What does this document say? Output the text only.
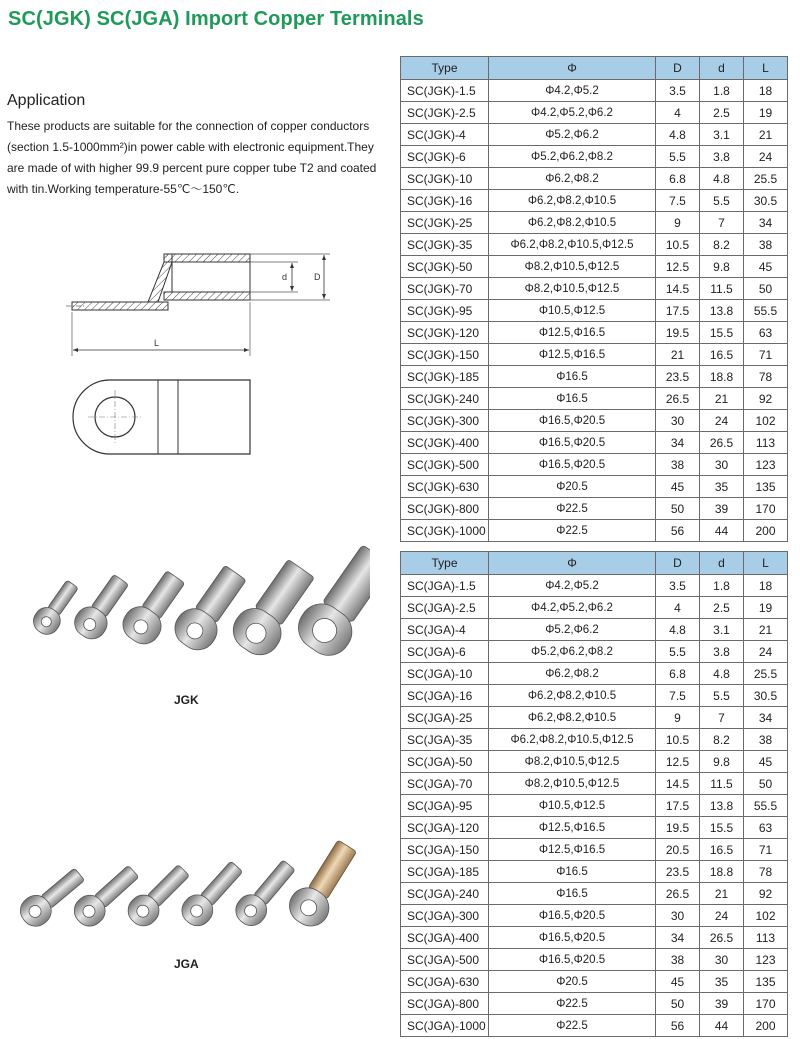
SC(JGK) SC(JGA) Import Copper Terminals
Application
These products are suitable for the connection of copper conductors (section 1.5-1000mm²)in power cable with electronic equipment.They are made of with higher 99.9 percent pure copper tube T2 and coated with tin.Working temperature-55℃～150℃.
d	D
L
JGK
JGA
Type	Φ	D	d	L
SC(JGK)-1.5	Φ4.2,Φ5.2	3.5	1.8	18
SC(JGK)-2.5	Φ4.2,Φ5.2,Φ6.2	4	2.5	19
SC(JGK)-4	Φ5.2,Φ6.2	4.8	3.1	21
SC(JGK)-6	Φ5.2,Φ6.2,Φ8.2	5.5	3.8	24
SC(JGK)-10	Φ6.2,Φ8.2	6.8	4.8	25.5
SC(JGK)-16	Φ6.2,Φ8.2,Φ10.5	7.5	5.5	30.5
SC(JGK)-25	Φ6.2,Φ8.2,Φ10.5	9	7	34
SC(JGK)-35	Φ6.2,Φ8.2,Φ10.5,Φ12.5	10.5	8.2	38
SC(JGK)-50	Φ8.2,Φ10.5,Φ12.5	12.5	9.8	45
SC(JGK)-70	Φ8.2,Φ10.5,Φ12.5	14.5	11.5	50
SC(JGK)-95	Φ10.5,Φ12.5	17.5	13.8	55.5
SC(JGK)-120	Φ12.5,Φ16.5	19.5	15.5	63
SC(JGK)-150	Φ12.5,Φ16.5	21	16.5	71
SC(JGK)-185	Φ16.5	23.5	18.8	78
SC(JGK)-240	Φ16.5	26.5	21	92
SC(JGK)-300	Φ16.5,Φ20.5	30	24	102
SC(JGK)-400	Φ16.5,Φ20.5	34	26.5	113
SC(JGK)-500	Φ16.5,Φ20.5	38	30	123
SC(JGK)-630	Φ20.5	45	35	135
SC(JGK)-800	Φ22.5	50	39	170
SC(JGK)-1000	Φ22.5	56	44	200
Type	Φ	D	d	L
SC(JGA)-1.5	Φ4.2,Φ5.2	3.5	1.8	18
SC(JGA)-2.5	Φ4.2,Φ5.2,Φ6.2	4	2.5	19
SC(JGA)-4	Φ5.2,Φ6.2	4.8	3.1	21
SC(JGA)-6	Φ5.2,Φ6.2,Φ8.2	5.5	3.8	24
SC(JGA)-10	Φ6.2,Φ8.2	6.8	4.8	25.5
SC(JGA)-16	Φ6.2,Φ8.2,Φ10.5	7.5	5.5	30.5
SC(JGA)-25	Φ6.2,Φ8.2,Φ10.5	9	7	34
SC(JGA)-35	Φ6.2,Φ8.2,Φ10.5,Φ12.5	10.5	8.2	38
SC(JGA)-50	Φ8.2,Φ10.5,Φ12.5	12.5	9.8	45
SC(JGA)-70	Φ8.2,Φ10.5,Φ12.5	14.5	11.5	50
SC(JGA)-95	Φ10.5,Φ12.5	17.5	13.8	55.5
SC(JGA)-120	Φ12.5,Φ16.5	19.5	15.5	63
SC(JGA)-150	Φ12.5,Φ16.5	20.5	16.5	71
SC(JGA)-185	Φ16.5	23.5	18.8	78
SC(JGA)-240	Φ16.5	26.5	21	92
SC(JGA)-300	Φ16.5,Φ20.5	30	24	102
SC(JGA)-400	Φ16.5,Φ20.5	34	26.5	113
SC(JGA)-500	Φ16.5,Φ20.5	38	30	123
SC(JGA)-630	Φ20.5	45	35	135
SC(JGA)-800	Φ22.5	50	39	170
SC(JGA)-1000	Φ22.5	56	44	200
